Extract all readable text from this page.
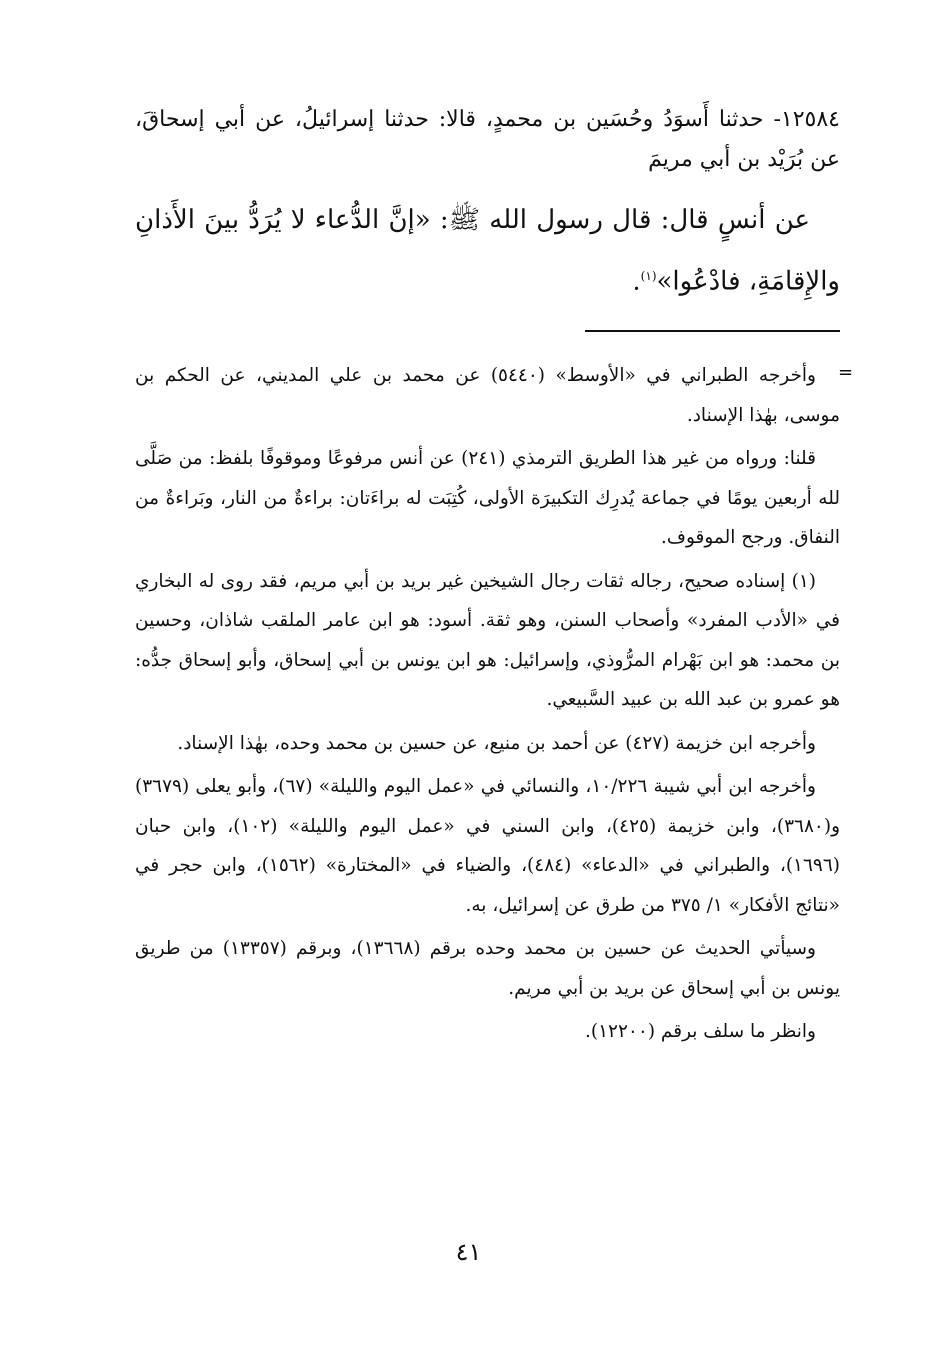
١٢٥٨٤- حدثنا أَسوَدُ وحُسَين بن محمدٍ، قالا: حدثنا إسرائيلُ، عن أبي إسحاقَ، عن بُرَيْد بن أبي مريمَ

عن أنسٍ قال: قال رسول الله ﷺ: «إنَّ الدُّعاء لا يُرَدُّ بينَ الأَذانِ والإِقامَةِ، فادْعُوا»$^{(١)}$.

=

وأخرجه الطبراني في «الأوسط» (٥٤٤٠) عن محمد بن علي المديني، عن الحكم بن موسى، بهٰذا الإسناد.

قلنا: ورواه من غير هذا الطريق الترمذي (٢٤١) عن أنس مرفوعًا وموقوفًا بلفظ: من صَلَّى لله أربعين يومًا في جماعة يُدرِك التكبيرَة الأولى، كُتِبَت له براءَتان: براءةٌ من النار، وبَراءةٌ من النفاق. ورجح الموقوف.

(١) إسناده صحيح، رجاله ثقات رجال الشيخين غير بريد بن أبي مريم، فقد روى له البخاري في «الأدب المفرد» وأصحاب السنن، وهو ثقة. أسود: هو ابن عامر الملقب شاذان، وحسين بن محمد: هو ابن بَهْرام المرُّوذي، وإسرائيل: هو ابن يونس بن أبي إسحاق، وأبو إسحاق جدُّه: هو عمرو بن عبد الله بن عبيد السَّبيعي.

وأخرجه ابن خزيمة (٤٢٧) عن أحمد بن منيع، عن حسين بن محمد وحده، بهٰذا الإسناد.

وأخرجه ابن أبي شيبة ١٠/٢٢٦، والنسائي في «عمل اليوم والليلة» (٦٧)، وأبو يعلى (٣٦٧٩) و(٣٦٨٠)، وابن خزيمة (٤٢٥)، وابن السني في «عمل اليوم والليلة» (١٠٢)، وابن حبان (١٦٩٦)، والطبراني في «الدعاء» (٤٨٤)، والضياء في «المختارة» (١٥٦٢)، وابن حجر في «نتائج الأفكار» ١/ ٣٧٥ من طرق عن إسرائيل، به.

وسيأتي الحديث عن حسين بن محمد وحده برقم (١٣٦٦٨)، وبرقم (١٣٣٥٧) من طريق يونس بن أبي إسحاق عن بريد بن أبي مريم.

وانظر ما سلف برقم (١٢٢٠٠).

٤١
